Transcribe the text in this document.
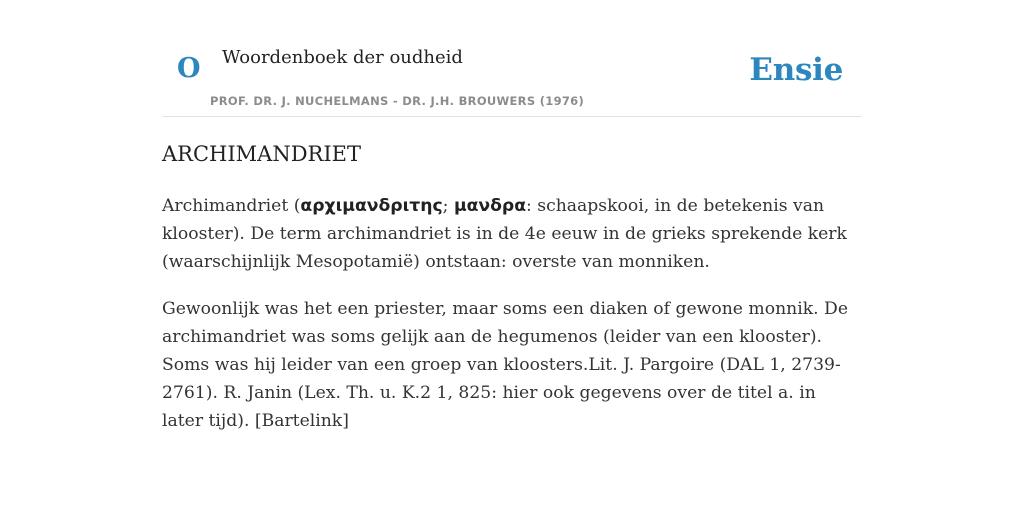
O Woordenboek der oudheid	Ensie
PROF. DR. J. NUCHELMANS - DR. J.H. BROUWERS (1976)
ARCHIMANDRIET

Archimandriet (αρχιμανδριτης; μανδρα: schaapskooi, in de betekenis van klooster). De term archimandriet is in de 4e eeuw in de grieks sprekende kerk (waarschijnlijk Mesopotamië) ontstaan: overste van monniken.

Gewoonlijk was het een priester, maar soms een diaken of gewone monnik. De archimandriet was soms gelijk aan de hegumenos (leider van een klooster). Soms was hij leider van een groep van kloosters.Lit. J. Pargoire (DAL 1, 2739-2761). R. Janin (Lex. Th. u. K.2 1, 825: hier ook gegevens over de titel a. in later tijd). [Bartelink]
